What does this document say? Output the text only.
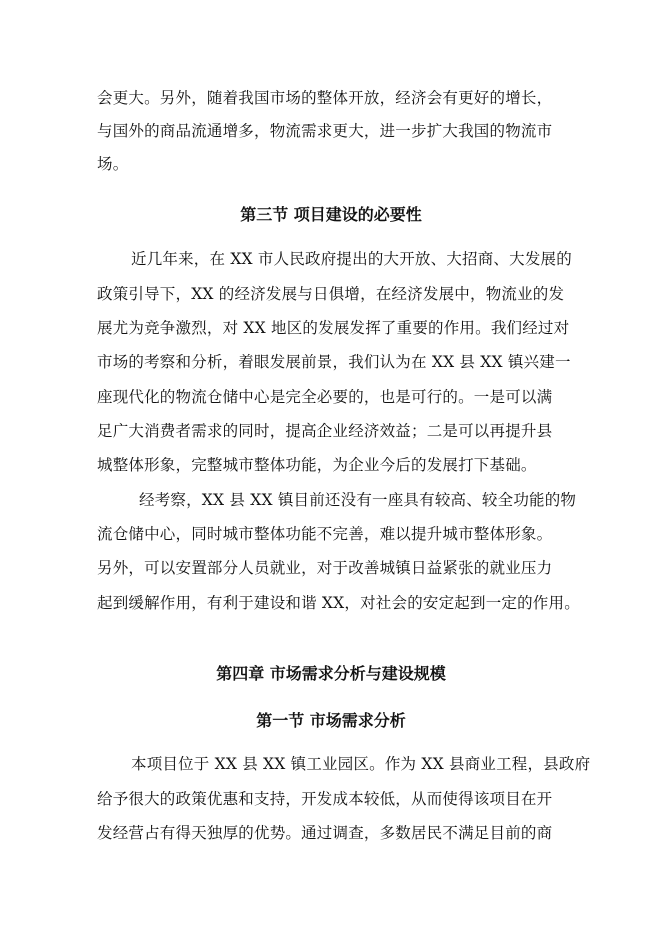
会更大。另外，随着我国市场的整体开放，经济会有更好的增长，
与国外的商品流通增多，物流需求更大，进一步扩大我国的物流市
场。
第三节 项目建设的必要性
近几年来，在 XX 市人民政府提出的大开放、大招商、大发展的
政策引导下，XX 的经济发展与日俱增，在经济发展中，物流业的发
展尤为竞争激烈，对 XX 地区的发展发挥了重要的作用。我们经过对
市场的考察和分析，着眼发展前景，我们认为在 XX 县 XX 镇兴建一
座现代化的物流仓储中心是完全必要的，也是可行的。一是可以满
足广大消费者需求的同时，提高企业经济效益；二是可以再提升县
城整体形象，完整城市整体功能，为企业今后的发展打下基础。
经考察，XX 县 XX 镇目前还没有一座具有较高、较全功能的物
流仓储中心，同时城市整体功能不完善，难以提升城市整体形象。
另外，可以安置部分人员就业，对于改善城镇日益紧张的就业压力
起到缓解作用，有利于建设和谐 XX，对社会的安定起到一定的作用。
第四章 市场需求分析与建设规模
第一节 市场需求分析
本项目位于 XX 县 XX 镇工业园区。作为 XX 县商业工程，县政府
给予很大的政策优惠和支持，开发成本较低，从而使得该项目在开
发经营占有得天独厚的优势。通过调查，多数居民不满足目前的商
